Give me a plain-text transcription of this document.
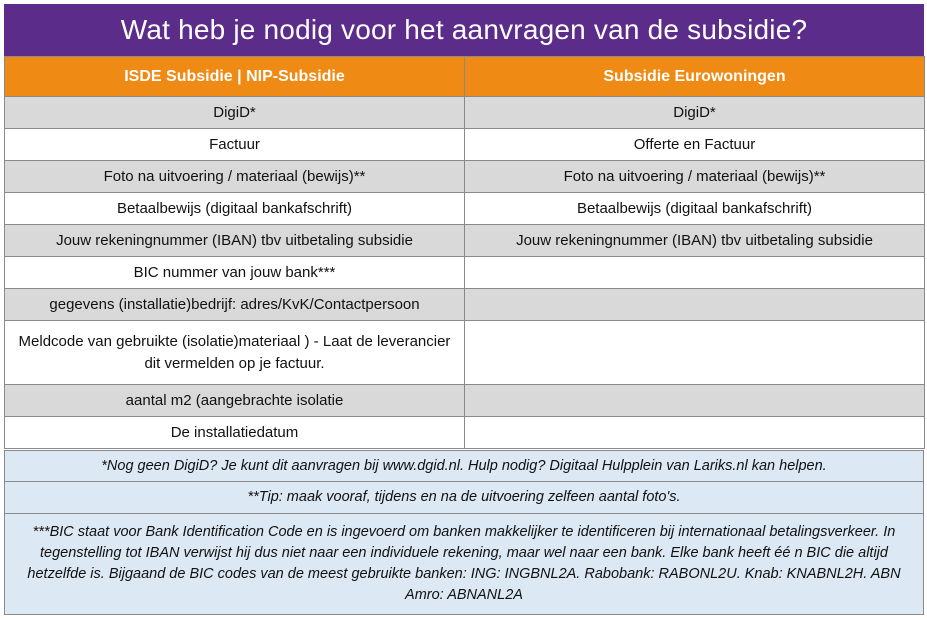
Wat heb je nodig voor het aanvragen van de subsidie?
ISDE Subsidie | NIP-Subsidie	Subsidie Eurowoningen
DigiD*	DigiD*
Factuur	Offerte en Factuur
Foto na uitvoering / materiaal (bewijs)**	Foto na uitvoering / materiaal (bewijs)**
Betaalbewijs (digitaal bankafschrift)	Betaalbewijs (digitaal bankafschrift)
Jouw rekeningnummer (IBAN) tbv uitbetaling subsidie	Jouw rekeningnummer (IBAN) tbv uitbetaling subsidie
BIC nummer van jouw bank***	
gegevens (installatie)bedrijf: adres/KvK/Contactpersoon	
Meldcode van gebruikte (isolatie)materiaal ) - Laat de leverancier dit vermelden op je factuur.	
aantal m2 (aangebrachte isolatie	
De installatiedatum	
*Nog geen DigiD? Je kunt dit aanvragen bij www.dgid.nl. Hulp nodig? Digitaal Hulpplein van Lariks.nl kan helpen.
**Tip: maak vooraf, tijdens en na de uitvoering zelfeen aantal foto's.
***BIC staat voor Bank Identification Code en is ingevoerd om banken makkelijker te identificeren bij internationaal betalingsverkeer. In tegenstelling tot IBAN verwijst hij dus niet naar een individuele rekening, maar wel naar een bank. Elke bank heeft éé n BIC die altijd hetzelfde is. Bijgaand de BIC codes van de meest gebruikte banken: ING: INGBNL2A. Rabobank: RABONL2U. Knab: KNABNL2H. ABN Amro: ABNANL2A
